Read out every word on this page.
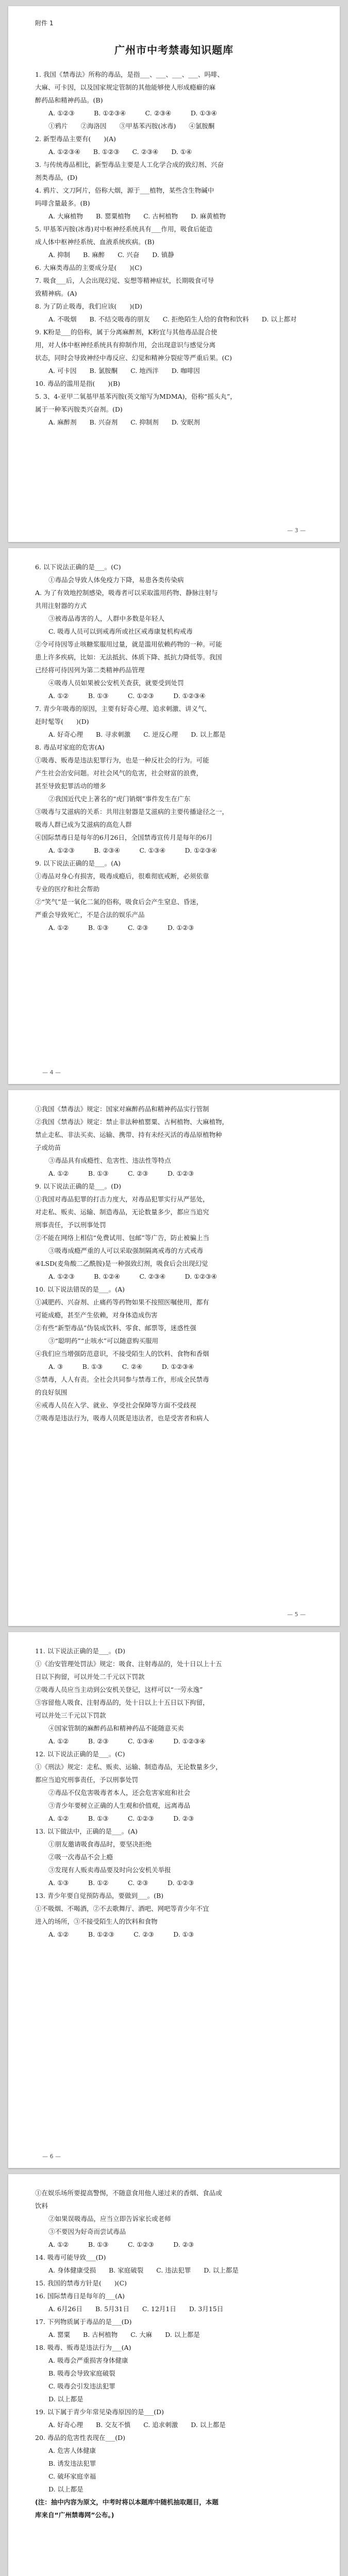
附件 1
广州市中考禁毒知识题库
1. 我国《禁毒法》所称的毒品，是指___、___、___、___、吗啡、
大麻、可卡因，以及国家规定管制的其他能够使人形成瘾癖的麻
醉药品和精神药品。(B)
A. ①②③　　　B. ①②③④　　　C. ②③④　　　D. ①③④
①鸦片　　②海洛因　　③甲基苯丙胺(冰毒)　　④氯胺酮
2. 新型毒品主要有(　　)(A)
A. ①②③④　　B. ①②③　　C. ②③④　　D. ①④
3. 与传统毒品相比，新型毒品主要是人工化学合成的致幻剂、兴奋
剂类毒品，(D)
4. 鸦片、文刀阿片，俗称大烟，源于___植物，某些含生物碱中
吗啡含量最多。(B)
A. 大麻植物　　B. 罂粟植物　　C. 古柯植物　　D. 麻黄植物
5. 甲基苯丙胺(冰毒)对中枢神经系统具有___作用，吸食后能造
成人体中枢神经系统、血液系统疾病。(B)
A. 抑制　　B. 麻醉　　C. 兴奋　　D. 镇静
6. 大麻类毒品的主要成分是(　　)(C)
7. 吸食___后，人会出现幻觉、妄想等精神症状，长期吸食可导
致精神病。(A)
8. 为了防止吸毒，我们应该(　　)(D)
A. 不吸烟　　B. 不结交吸毒的朋友　　C. 拒绝陌生人给的食物和饮料　　D. 以上都对
9. K粉是___的俗称，属于分离麻醉剂，K粉宜与其他毒品混合使
用，对人体中枢神经系统具有抑制作用，会出现意识与感觉分离
状态，同时会导致神经中毒反应、幻觉和精神分裂症等严重后果。(C)
A. 可卡因　　B. 氯胺酮　　C. 地西泮　　D. 咖啡因
10. 毒品的滥用是指(　　)(B)
5. 3、4-亚甲二氧基甲基苯丙胺(英文缩写为MDMA)，俗称“摇头丸”，
属于一种苯丙胺类兴奋剂。(D)
A. 麻醉剂　　B. 兴奋剂　　C. 抑制剂　　D. 安眠剂

— 3 —
6. 以下说法正确的是___。(C)
①毒品会导致人体免疫力下降，易患各类传染病
A. 为了有效地控制感染，吸毒者可以采取滥用药物、静脉注射与
共用注射器的方式
③被毒品毒害的人，人群中多数是年轻人
C. 吸毒人员可以到戒毒所或社区戒毒康复机构戒毒
②令可待因等止咳糖浆服用过量，就是滥用依赖药物的一种。可能
患上许多疾病，比如：无法抵抗、体质下降、抵抗力降低等。我国
已经将可待因列为第二类精神药品管理
④吸毒人员如果被公安机关查获，就要受到处罚
A. ①②　　　B. ①③　　　C. ①②③　　　D. ①②③④
7. 青少年吸毒的原因，主要有好奇心理、追求刺激、讲义气、
赶时髦等(　　)(D)
A. 好奇心理　　B. 寻求刺激　　C. 逆反心理　　D. 以上都是
8. 毒品对家庭的危害(A)
①吸毒、贩毒是违法犯罪行为，也是一种反社会的行为。可能
产生社会治安问题。对社会风气的危害，社会财富的浪费，
甚至导致犯罪活动的增多
②我国近代史上著名的“虎门销烟”事件发生在广东
③吸毒与艾滋病的关系：共用注射器是艾滋病的主要传播途径之一，
吸毒人群已成为艾滋病的高危人群
④国际禁毒日是每年的6月26日，全国禁毒宣传月是每年的6月
A. ①②③　　　B. ②③④　　　C. ①③④　　　D. ①②③④
9. 以下说法正确的是___。(A)
①毒品对身心有损害，吸毒成瘾后，很难彻底戒断，必须依靠
专业的医疗和社会帮助
②“笑气”是一氧化二氮的俗称，吸食后会产生窒息、昏迷，
严重会导致死亡，不是合法的娱乐产品
A. ①②　　　B. ①③　　　C. ②③　　　D. ①②③

— 4 —
①我国《禁毒法》规定：国家对麻醉药品和精神药品实行管制
②我国《禁毒法》规定：禁止非法种植罂粟、古柯植物、大麻植物，
禁止走私、非法买卖、运输、携带、持有未经灭活的毒品原植物种
子或幼苗
③毒品具有成瘾性、危害性、违法性等特点
A. ①②　　　B. ①③　　　C. ②③　　　D. ①②③
9. 以下说法正确的是___。(D)
①我国对毒品犯罪的打击力度大，对毒品犯罪实行从严惩处，
对走私、贩卖、运输、制造毒品，无论数量多少，都应当追究
刑事责任，予以刑事处罚
②不能在网络上相信“免费试用、包邮”等广告，防止被骗上当
③吸毒成瘾严重的人可以采取强制隔离戒毒的方式戒毒
④LSD(麦角酸二乙酰胺)是一种强致幻剂，吸食后会出现幻觉
A. ①②③　　　B. ①②④　　　C. ②③④　　　D. ①②③④
10. 以下说法错误的是___。(A)
①减肥药、兴奋剂、止痛药等药物如果不按照医嘱使用，都有
可能成瘾，甚至产生依赖，对身体造成伤害
②有些“新型毒品”伪装成饮料、零食、邮票等，迷惑性强
③“聪明药”“止咳水”可以随意购买服用
④我们应当增强防范意识，不接受陌生人的饮料、食物和香烟
A. ③　　　B. ①③　　　C. ②④　　　D. ①②③④
⑤禁毒，人人有责。全社会共同参与禁毒工作，形成全民禁毒
的良好氛围
⑥戒毒人员在入学、就业、享受社会保障等方面不受歧视
⑦吸毒是违法行为，吸毒人员既是违法者，也是受害者和病人

— 5 —
11. 以下说法正确的是___。(D)
①《治安管理处罚法》规定：吸食、注射毒品的，处十日以上十五
日以下拘留，可以并处二千元以下罚款
②吸毒人员应当主动到公安机关登记，这样可以“一劳永逸”
③容留他人吸食、注射毒品的，处十日以上十五日以下拘留，
可以并处三千元以下罚款
④国家管制的麻醉药品和精神药品不能随意买卖
A. ①②　　　B. ②③　　　C. ①③④　　　D. ①②③④
12. 以下说法正确的是___。(C)
①《刑法》规定：走私、贩卖、运输、制造毒品，无论数量多少，
都应当追究刑事责任，予以刑事处罚
②毒品不仅危害吸毒者本人，还会危害家庭和社会
③青少年要树立正确的人生观和价值观，远离毒品
A. ①②　　　B. ①③　　　C. ①②③　　　D. ②③
13. 以下做法中，正确的是___。(A)
①朋友邀请吸食毒品时，要坚决拒绝
②吸一次毒品不会上瘾
③发现有人贩卖毒品要及时向公安机关举报
A. ①③　　　B. ①②　　　C. ②③　　　D. ①②③
13. 青少年要自觉预防毒品，要做到___。(B)
①不吸烟、不喝酒，②不去歌舞厅、酒吧、网吧等青少年不宜
进入的场所，③不接受陌生人的饮料和食物
A. ①②　　　B. ①②③　　　C. ②③　　　D. ①③

— 6 —
①在娱乐场所要提高警惕，不随意食用他人递过来的香烟、食品或
饮料
②如果误吸毒品，应当立即告诉家长或老师
③不要因为好奇而尝试毒品
A. ①②　　　B. ①③　　　C. ①②③　　　D. ②③
14. 吸毒可能导致___(D)
A. 身体健康受损　　B. 家庭破裂　　C. 违法犯罪　　D. 以上都是
15. 我国的禁毒方针是(　　)(C)
16. 国际禁毒日是每年的___(A)
A. 6月26日　　B. 5月31日　　C. 12月1日　　D. 3月15日
17. 下列物质属于毒品的是___(D)
A. 罂粟　　B. 古柯植物　　C. 大麻　　D. 以上都是
18. 吸毒、贩毒是违法行为___(A)
A. 吸毒会严重损害身体健康
B. 吸毒会导致家庭破裂
C. 吸毒会引发违法犯罪
D. 以上都是
19. 以下属于青少年常见染毒原因的是___(D)
A. 好奇心理　　B. 交友不慎　　C. 追求刺激　　D. 以上都是
20. 毒品的危害性表现在___(D)
A. 危害人体健康
B. 诱发违法犯罪
C. 破坏家庭幸福
D. 以上都是
(注：抽中内容为原文，中考时将以本题库中随机抽取题目，本题
库来自“广州禁毒网”公布。)
